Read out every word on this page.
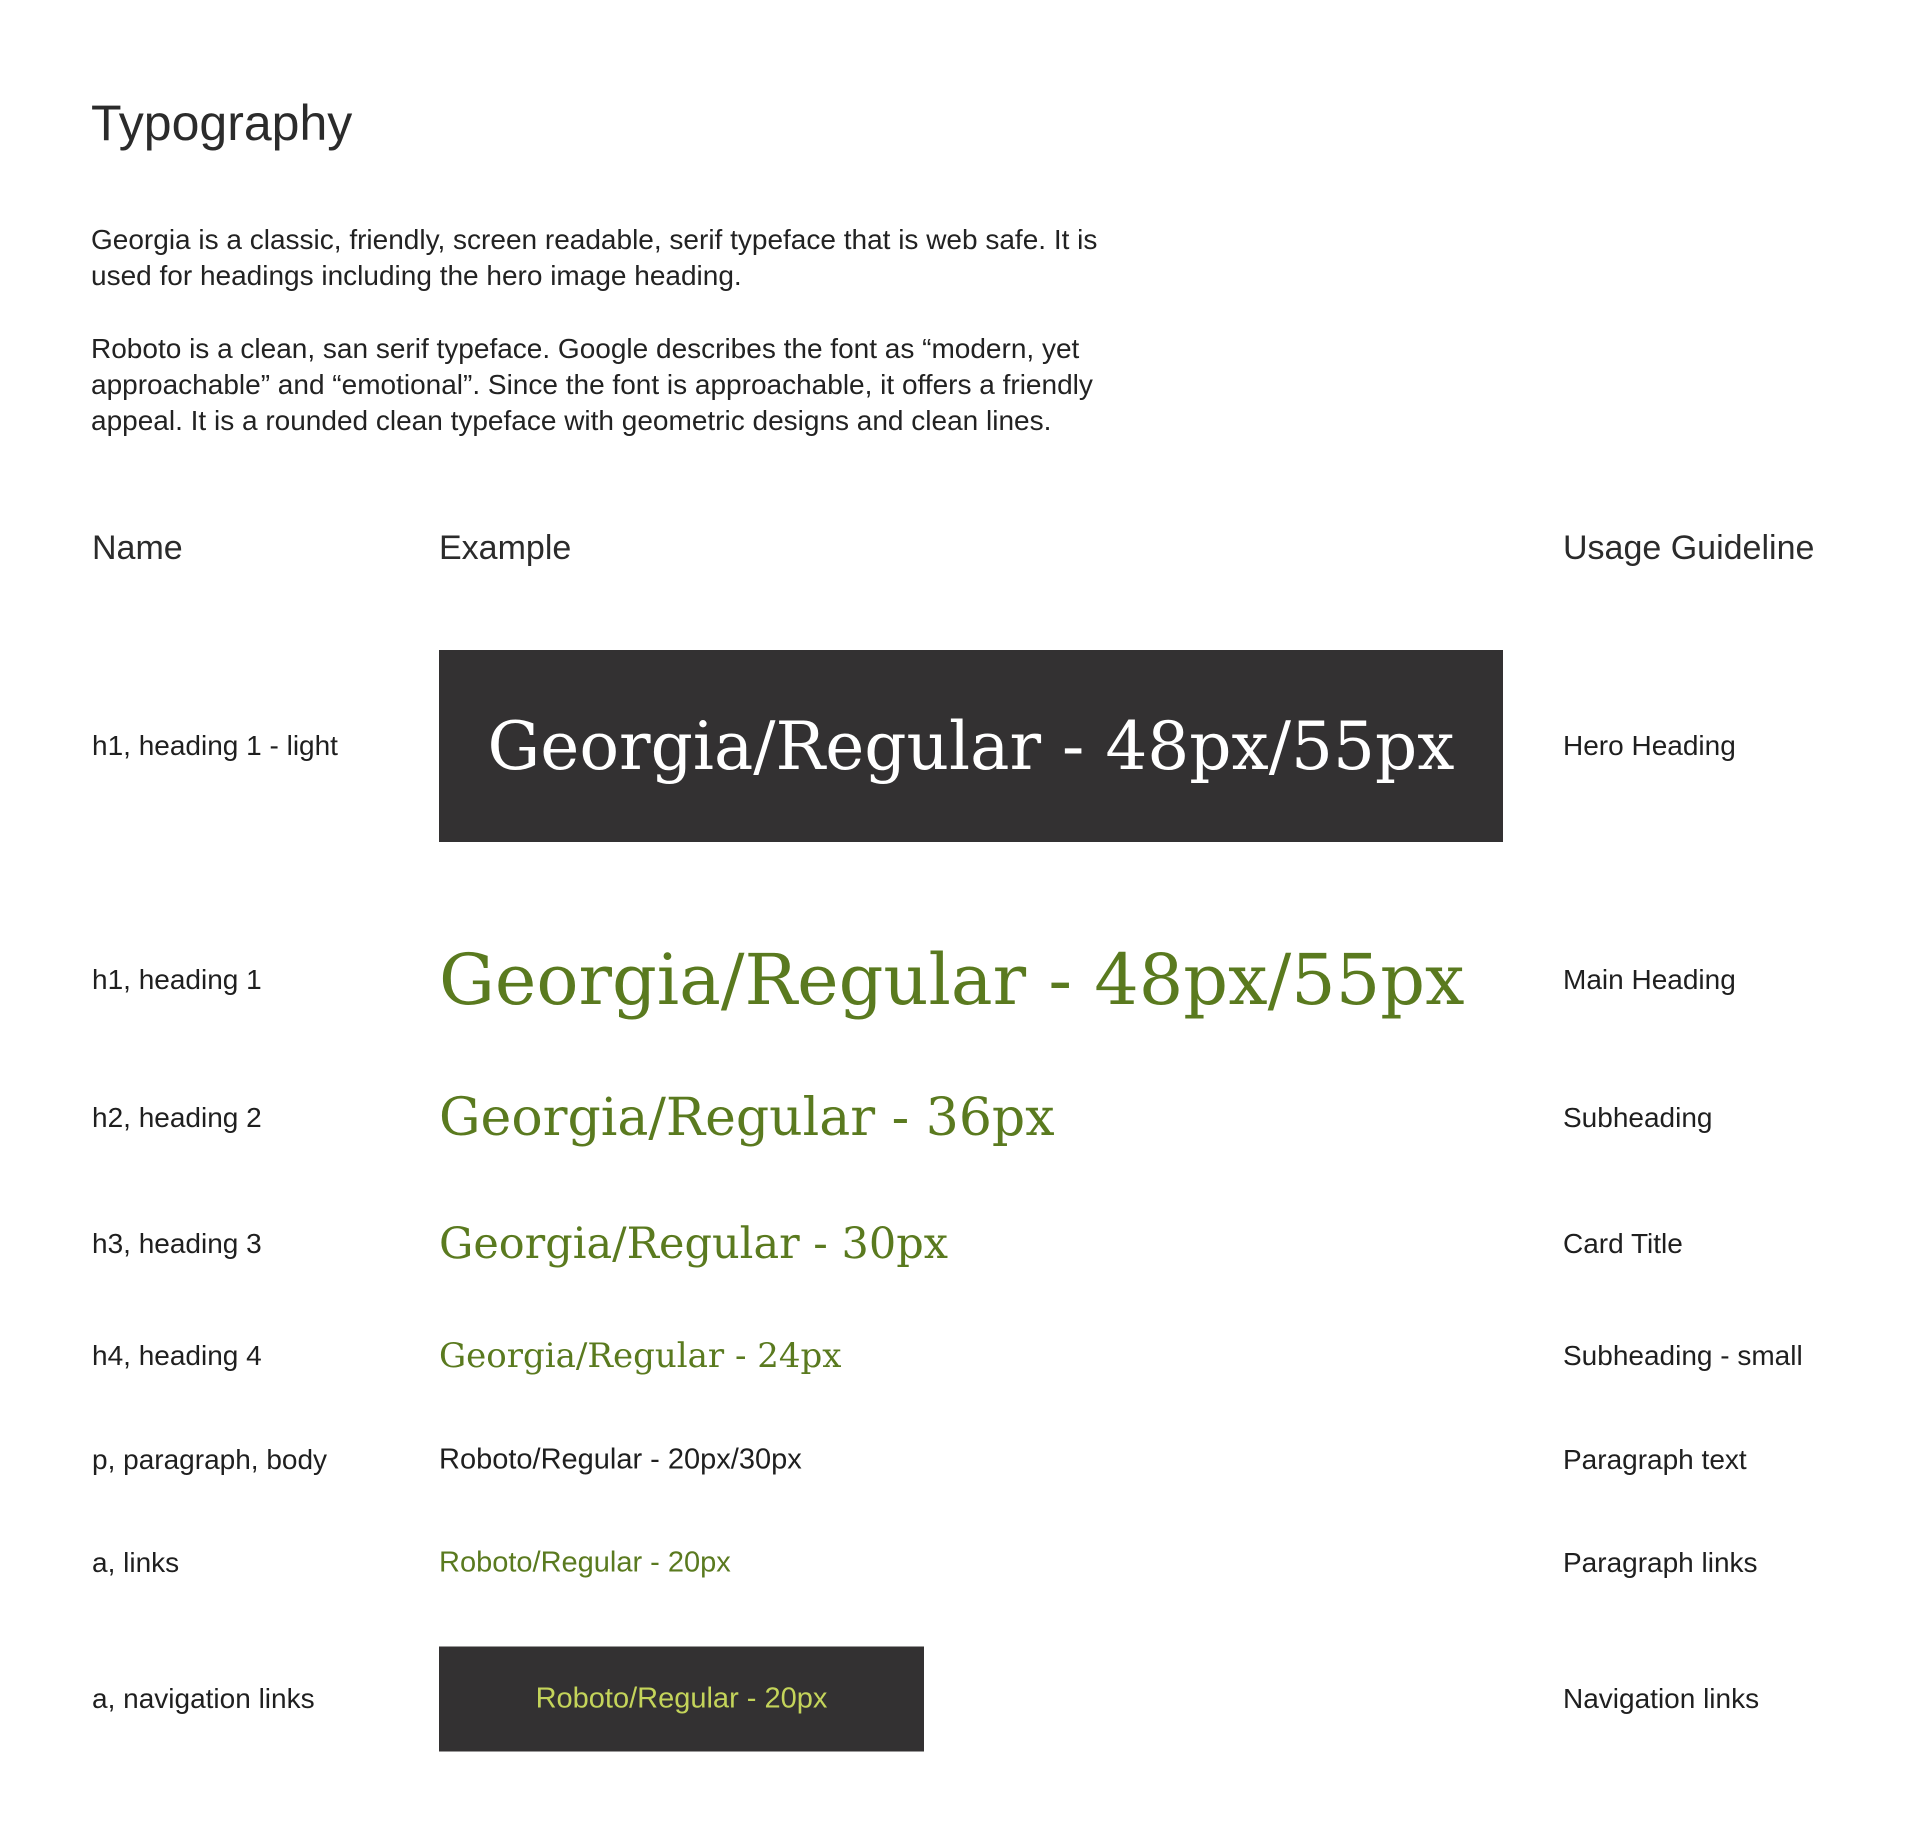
Typography

Georgia is a classic, friendly, screen readable, serif typeface that is web safe. It is used for headings including the hero image heading.

Roboto is a clean, san serif typeface. Google describes the font as “modern, yet approachable” and “emotional”. Since the font is approachable, it offers a friendly appeal. It is a rounded clean typeface with geometric designs and clean lines.

Name	Example	Usage Guideline
h1, heading 1 - light	Georgia/Regular - 48px/55px	Hero Heading
h1, heading 1	Georgia/Regular - 48px/55px	Main Heading
h2, heading 2	Georgia/Regular - 36px	Subheading
h3, heading 3	Georgia/Regular - 30px	Card Title
h4, heading 4	Georgia/Regular - 24px	Subheading - small
p, paragraph, body	Roboto/Regular - 20px/30px	Paragraph text
a, links	Roboto/Regular - 20px	Paragraph links
a, navigation links	Roboto/Regular - 20px	Navigation links
